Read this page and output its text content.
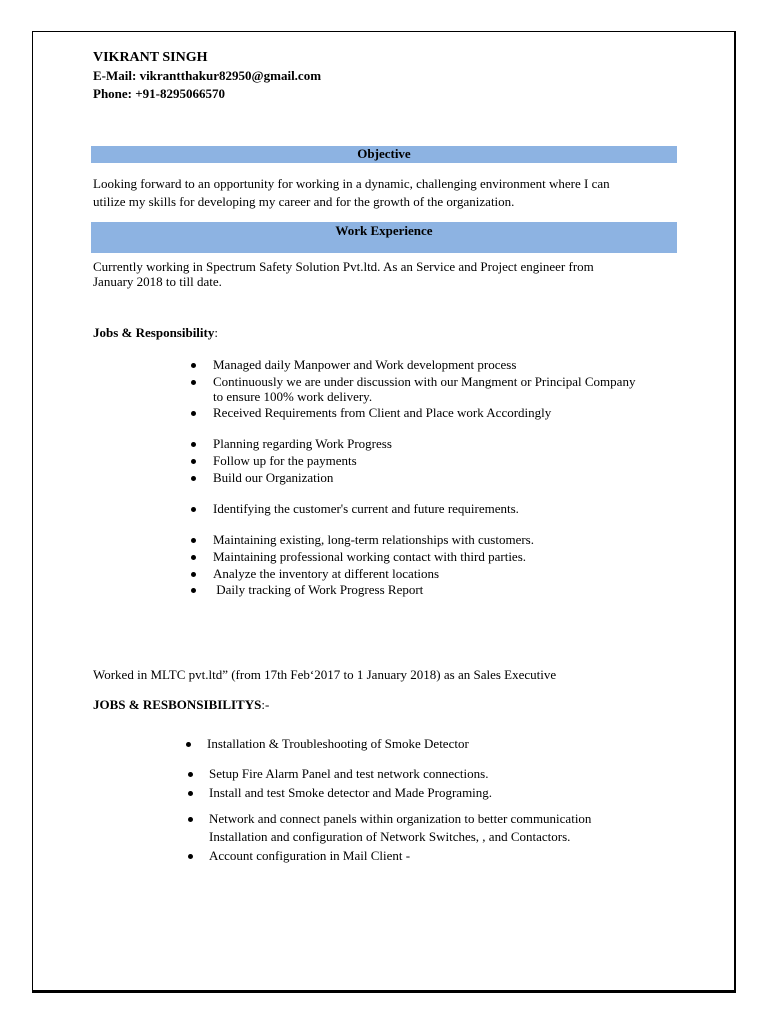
VIKRANT SINGH
E-Mail: vikrantthakur82950@gmail.com
Phone: +91-8295066570
Objective
Looking forward to an opportunity for working in a dynamic, challenging environment where I can
utilize my skills for developing my career and for the growth of the organization.
Work Experience
Currently working in Spectrum Safety Solution Pvt.ltd. As an Service and Project engineer from
January 2018 to till date.
Jobs & Responsibility:
Managed daily Manpower and Work development process
Continuously we are under discussion with our Mangment or Principal Company
to ensure 100% work delivery.
Received Requirements from Client and Place work Accordingly
Planning regarding Work Progress
Follow up for the payments
Build our Organization
Identifying the customer's current and future requirements.
Maintaining existing, long-term relationships with customers.
Maintaining professional working contact with third parties.
Analyze the inventory at different locations
Daily tracking of Work Progress Report
Worked in MLTC pvt.ltd” (from 17th Feb‘2017 to 1 January 2018) as an Sales Executive
JOBS & RESBONSIBILITYS:-
Installation & Troubleshooting of Smoke Detector
Setup Fire Alarm Panel and test network connections.
Install and test Smoke detector and Made Programing.
Network and connect panels within organization to better communication
Installation and configuration of Network Switches, , and Contactors.
Account configuration in Mail Client -
